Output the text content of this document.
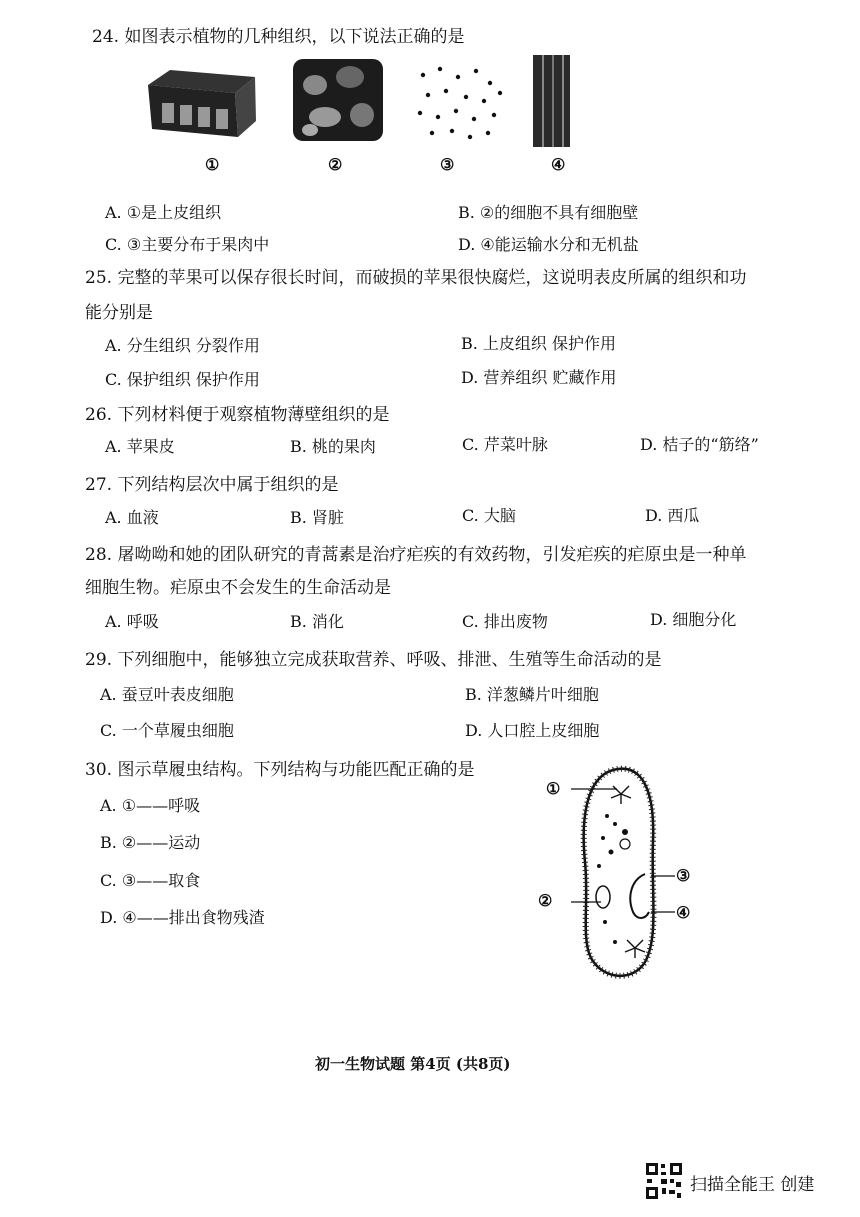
24. 如图表示植物的几种组织，以下说法正确的是
①	②	③	④
A. ①是上皮组织	B. ②的细胞不具有细胞壁
C. ③主要分布于果肉中	D. ④能运输水分和无机盐
25. 完整的苹果可以保存很长时间，而破损的苹果很快腐烂，这说明表皮所属的组织和功
能分别是
A. 分生组织 分裂作用	B. 上皮组织 保护作用
C. 保护组织 保护作用	D. 营养组织 贮藏作用
26. 下列材料便于观察植物薄壁组织的是
A. 苹果皮	B. 桃的果肉	C. 芹菜叶脉	D. 桔子的“筋络”
27. 下列结构层次中属于组织的是
A. 血液	B. 肾脏	C. 大脑	D. 西瓜
28. 屠呦呦和她的团队研究的青蒿素是治疗疟疾的有效药物，引发疟疾的疟原虫是一种单
细胞生物。疟原虫不会发生的生命活动是
A. 呼吸	B. 消化	C. 排出废物	D. 细胞分化
29. 下列细胞中，能够独立完成获取营养、呼吸、排泄、生殖等生命活动的是
A. 蚕豆叶表皮细胞	B. 洋葱鳞片叶细胞
C. 一个草履虫细胞	D. 人口腔上皮细胞
30. 图示草履虫结构。下列结构与功能匹配正确的是
A. ①——呼吸
B. ②——运动
C. ③——取食
D. ④——排出食物残渣
①
②
③
④
初一生物试题 第4页 (共8页)
扫描全能王 创建
